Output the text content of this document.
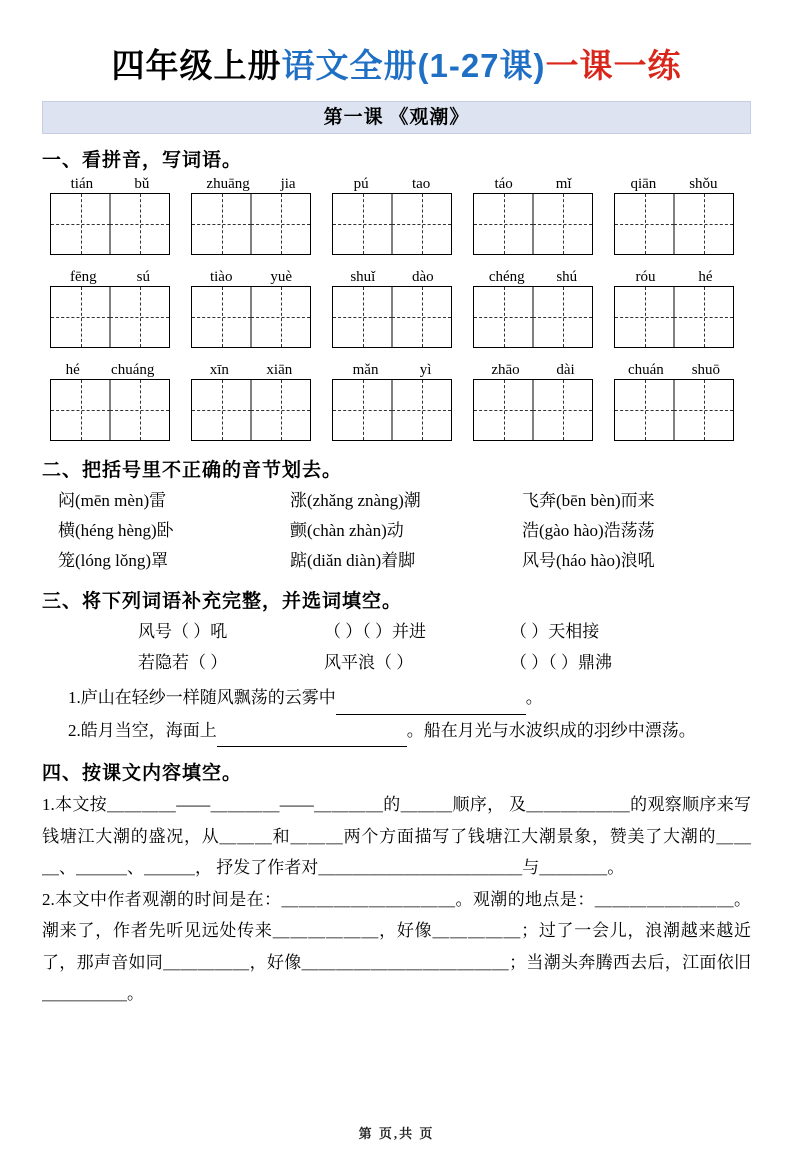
四年级上册语文全册(1-27课)一课一练
第一课 《观潮》
一、看拼音，写词语。
tián	bǔ	zhuāng jia	pú	tao	táo	mǐ	qiān shǒu
fēng	sú	tiào	yuè	shuǐ dào	chéng shú	róu	hé
hé chuáng	xīn	xiān	mǎn	yì	zhāo dài	chuán shuō
二、把括号里不正确的音节划去。
闷(mēn mèn)雷	涨(zhǎng znàng)潮	飞奔(bēn bèn)而来
横(héng hèng)卧	颤(chàn zhàn)动	浩(gào hào)浩荡荡
笼(lóng lǒng)罩	踮(diǎn diàn)着脚	风号(háo hào)浪吼
三、将下列词语补充完整，并选词填空。
风号（ ）吼	（ ）（ ）并进	（ ）天相接
若隐若（ ）	风平浪（ ）	（ ）（ ）鼎沸
1.庐山在轻纱一样随风飘荡的云雾中	。
2.皓月当空，海面上	。船在月光与水波织成的羽纱中漂荡。
四、按课文内容填空。
1.本文按＿＿＿＿——＿＿＿＿——＿＿＿＿的＿＿＿顺序， 及＿＿＿＿＿＿的观察顺序来写钱塘江大潮的盛况，从＿＿＿和＿＿＿两个方面描写了钱塘江大潮景象，赞美了大潮的＿＿＿、＿＿＿、＿＿＿， 抒发了作者对＿＿＿＿＿＿＿＿＿＿＿＿与＿＿＿＿。
2.本文中作者观潮的时间是在：＿＿＿＿＿＿＿＿＿＿。观潮的地点是：＿＿＿＿＿＿＿＿。潮来了，作者先听见远处传来＿＿＿＿＿＿，好像＿＿＿＿＿；过了一会儿，浪潮越来越近了，那声音如同＿＿＿＿＿，好像＿＿＿＿＿＿＿＿＿＿＿＿；当潮头奔腾西去后，江面依旧＿＿＿＿＿。
第 页,共 页
